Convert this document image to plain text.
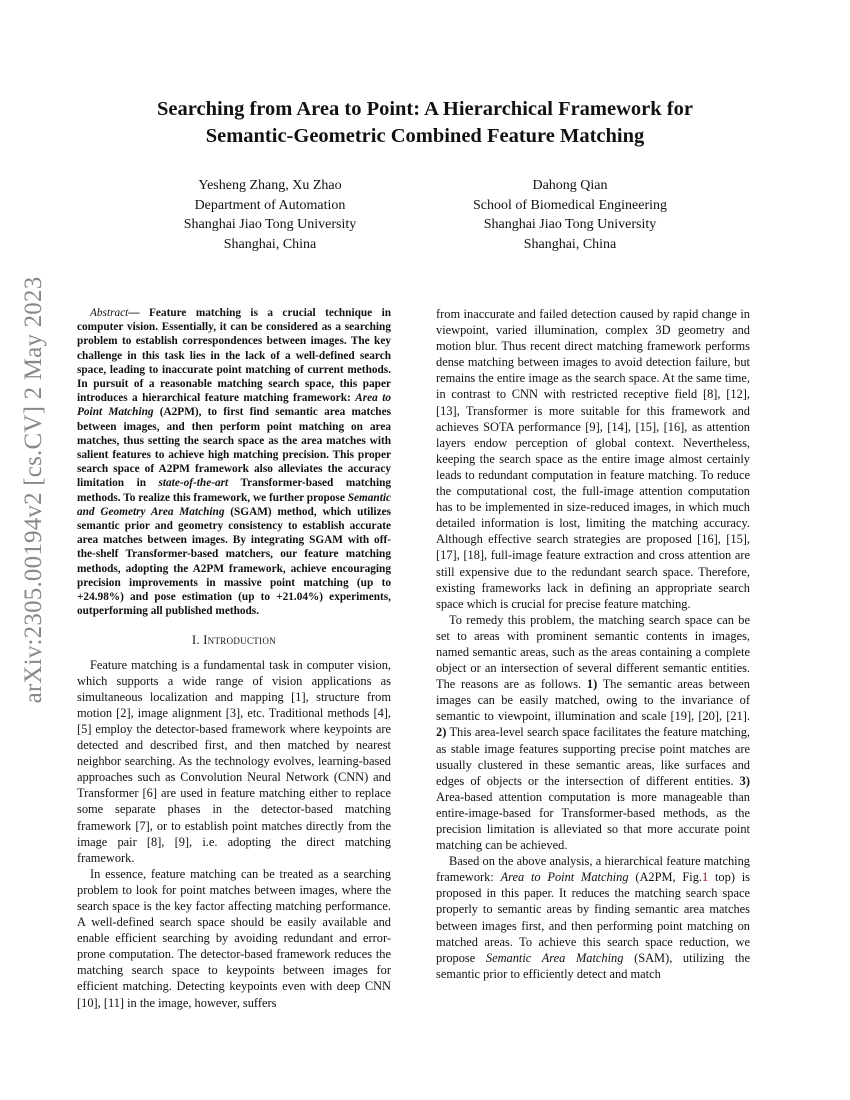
Searching from Area to Point: A Hierarchical Framework for
Semantic-Geometric Combined Feature Matching
Yesheng Zhang, Xu Zhao
Department of Automation
Shanghai Jiao Tong University
Shanghai, China
Dahong Qian
School of Biomedical Engineering
Shanghai Jiao Tong University
Shanghai, China
arXiv:2305.00194v2 [cs.CV] 2 May 2023	Abstract— Feature matching is a crucial technique in computer vision. Essentially, it can be considered as a searching problem to establish correspondences between images. The key challenge in this task lies in the lack of a well-defined search space, leading to inaccurate point matching of current methods. In pursuit of a reasonable matching search space, this paper introduces a hierarchical feature matching framework: Area to Point Matching (A2PM), to first find semantic area matches between images, and then perform point matching on area matches, thus setting the search space as the area matches with salient features to achieve high matching precision. This proper search space of A2PM framework also alleviates the accuracy limitation in state-of-the-art Transformer-based matching methods. To realize this framework, we further propose Semantic and Geometry Area Matching (SGAM) method, which utilizes semantic prior and geometry consistency to establish accurate area matches between images. By integrating SGAM with off-the-shelf Transformer-based matchers, our feature matching methods, adopting the A2PM framework, achieve encouraging precision improvements in massive point matching (up to +24.98%) and pose estimation (up to +21.04%) experiments, outperforming all published methods.
I. Introduction

Feature matching is a fundamental task in computer vision, which supports a wide range of vision applications as simultaneous localization and mapping [1], structure from motion [2], image alignment [3], etc. Traditional methods [4], [5] employ the detector-based framework where keypoints are detected and described first, and then matched by nearest neighbor searching. As the technology evolves, learning-based approaches such as Convolution Neural Network (CNN) and Transformer [6] are used in feature matching either to replace some separate phases in the detector-based matching framework [7], or to establish point matches directly from the image pair [8], [9], i.e. adopting the direct matching framework.

In essence, feature matching can be treated as a searching problem to look for point matches between images, where the search space is the key factor affecting matching performance. A well-defined search space should be easily available and enable efficient searching by avoiding redundant and error-prone computation. The detector-based framework reduces the matching search space to keypoints between images for efficient matching. Detecting keypoints even with deep CNN [10], [11] in the image, however, suffers

from inaccurate and failed detection caused by rapid change in viewpoint, varied illumination, complex 3D geometry and motion blur. Thus recent direct matching framework performs dense matching between images to avoid detection failure, but remains the entire image as the search space. At the same time, in contrast to CNN with restricted receptive field [8], [12], [13], Transformer is more suitable for this framework and achieves SOTA performance [9], [14], [15], [16], as attention layers endow perception of global context. Nevertheless, keeping the search space as the entire image almost certainly leads to redundant computation in feature matching. To reduce the computational cost, the full-image attention computation has to be implemented in size-reduced images, in which much detailed information is lost, limiting the matching accuracy. Although effective search strategies are proposed [16], [15], [17], [18], full-image feature extraction and cross attention are still expensive due to the redundant search space. Therefore, existing frameworks lack in defining an appropriate search space which is crucial for precise feature matching.

To remedy this problem, the matching search space can be set to areas with prominent semantic contents in images, named semantic areas, such as the areas containing a complete object or an intersection of several different semantic entities. The reasons are as follows. 1) The semantic areas between images can be easily matched, owing to the invariance of semantic to viewpoint, illumination and scale [19], [20], [21]. 2) This area-level search space facilitates the feature matching, as stable image features supporting precise point matches are usually clustered in these semantic areas, like surfaces and edges of objects or the intersection of different entities. 3) Area-based attention computation is more manageable than entire-image-based for Transformer-based methods, as the precision limitation is alleviated so that more accurate point matching can be achieved.

Based on the above analysis, a hierarchical feature matching framework: Area to Point Matching (A2PM, Fig.1 top) is proposed in this paper. It reduces the matching search space properly to semantic areas by finding semantic area matches between images first, and then performing point matching on matched areas. To achieve this search space reduction, we propose Semantic Area Matching (SAM), utilizing the semantic prior to efficiently detect and match
